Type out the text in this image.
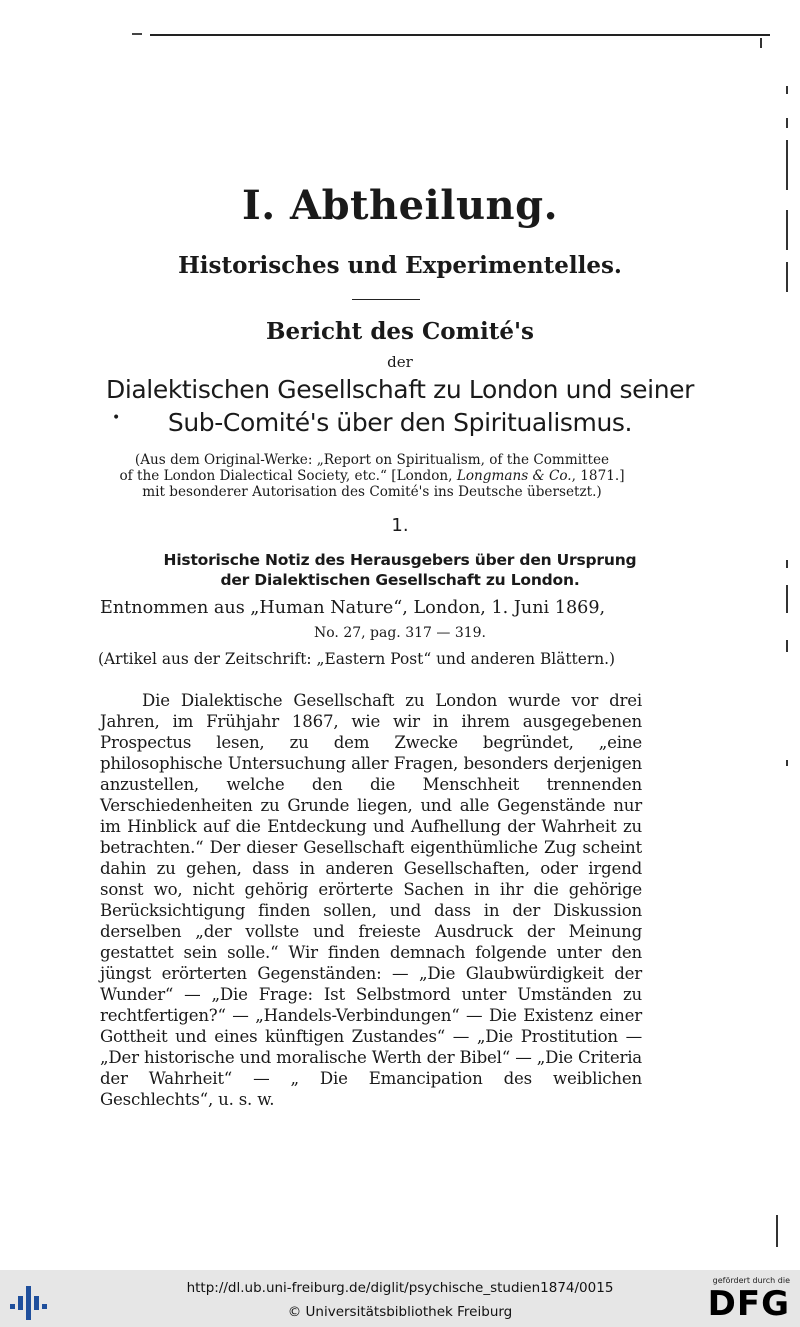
I. Abtheilung.
Historisches und Experimentelles.
Bericht des Comité's
der
Dialektischen Gesellschaft zu London und seiner
•	Sub-Comité's über den Spiritualismus.
(Aus dem Original-Werke: „Report on Spiritualism, of the Committee
of the London Dialectical Society, etc.“ [London, Longmans & Co., 1871.]
mit besonderer Autorisation des Comité's ins Deutsche übersetzt.)
1.
Historische Notiz des Herausgebers über den Ursprung
der Dialektischen Gesellschaft zu London.
Entnommen aus „Human Nature“, London, 1. Juni 1869,
No. 27, pag. 317 — 319.
(Artikel aus der Zeitschrift: „Eastern Post“ und anderen Blättern.)

Die Dialektische Gesellschaft zu London wurde vor drei Jahren, im Frühjahr 1867, wie wir in ihrem ausgegebenen Prospectus lesen, zu dem Zwecke begründet, „eine philosophische Untersuchung aller Fragen, besonders derjenigen anzustellen, welche den die Menschheit trennenden Verschiedenheiten zu Grunde liegen, und alle Gegenstände nur im Hinblick auf die Entdeckung und Aufhellung der Wahrheit zu betrachten.“ Der dieser Gesellschaft eigenthümliche Zug scheint dahin zu gehen, dass in anderen Gesellschaften, oder irgend sonst wo, nicht gehörig erörterte Sachen in ihr die gehörige Berücksichtigung finden sollen, und dass in der Diskussion derselben „der vollste und freieste Ausdruck der Meinung gestattet sein solle.“ Wir finden demnach folgende unter den jüngst erörterten Gegenständen: — „Die Glaubwürdigkeit der Wunder“ — „Die Frage: Ist Selbstmord unter Umständen zu rechtfertigen?“ — „Handels-Verbindungen“ — Die Existenz einer Gottheit und eines künftigen Zustandes“ — „Die Prostitution — „Der historische und moralische Werth der Bibel“ — „Die Criteria der Wahrheit“ — „ Die Emancipation des weiblichen Geschlechts“, u. s. w.

http://dl.ub.uni-freiburg.de/diglit/psychische_studien1874/0015
© Universitätsbibliothek Freiburg
gefördert durch die
DFG
